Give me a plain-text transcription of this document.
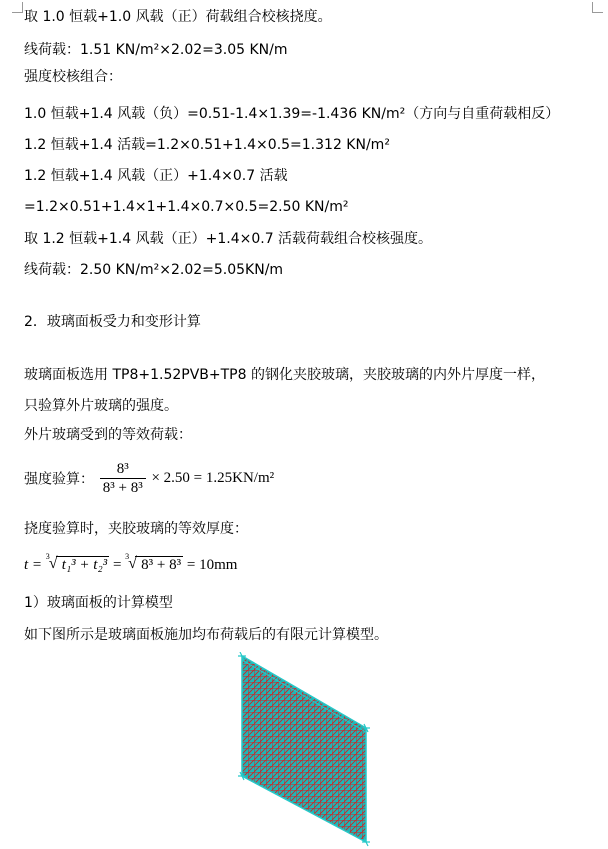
取 1.0 恒载+1.0 风载（正）荷载组合校核挠度。
线荷载：1.51 KN/m²×2.02=3.05 KN/m
强度校核组合：
1.0 恒载+1.4 风载（负）=0.51-1.4×1.39=-1.436 KN/m²（方向与自重荷载相反）
1.2 恒载+1.4 活载=1.2×0.51+1.4×0.5=1.312 KN/m²
1.2 恒载+1.4 风载（正）+1.4×0.7 活载
=1.2×0.51+1.4×1+1.4×0.7×0.5=2.50 KN/m²
取 1.2 恒载+1.4 风载（正）+1.4×0.7 活载荷载组合校核强度。
线荷载：2.50 KN/m²×2.02=5.05KN/m
2．玻璃面板受力和变形计算
玻璃面板选用 TP8+1.52PVB+TP8 的钢化夹胶玻璃，夹胶玻璃的内外片厚度一样，
只验算外片玻璃的强度。
外片玻璃受到的等效荷载：
强度验算： $\frac{\text{8³}}{\text{8³ + 8³}} \times 2.50 = 1.25KN/m^2$
挠度验算时，夹胶玻璃的等效厚度：
t =
3 √ t₁³ + t₂³ =
3 √ 8³ + 8³ = 10mm
1）玻璃面板的计算模型
如下图所示是玻璃面板施加均布荷载后的有限元计算模型。
